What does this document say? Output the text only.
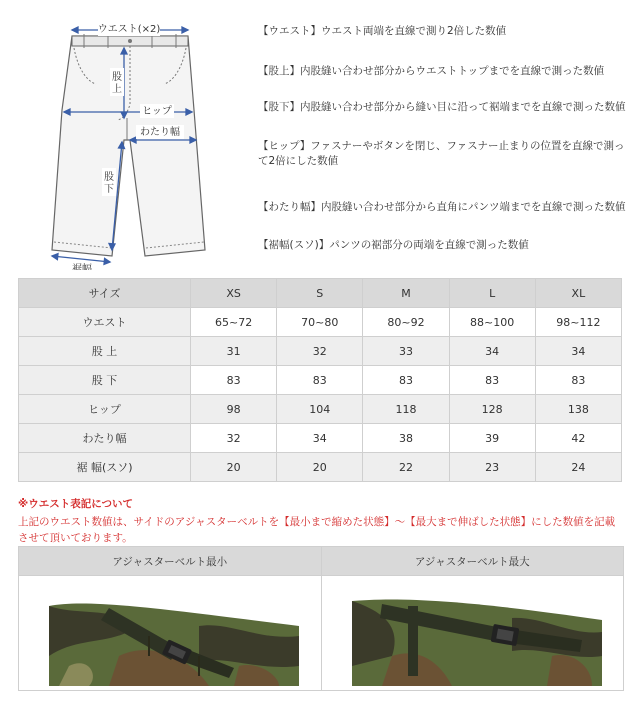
ウエスト(×2)
ヒップ
わたり幅
裾幅
股
上
股
下

【ウエスト】ウエスト両端を直線で測り2倍した数値

【股上】内股縫い合わせ部分からウエストトップまでを直線で測った数値

【股下】内股縫い合わせ部分から縫い目に沿って裾端までを直線で測った数値

【ヒップ】ファスナーやボタンを閉じ、ファスナー止まりの位置を直線で測って2倍にした数値

【わたり幅】内股縫い合わせ部分から直角にパンツ端までを直線で測った数値

【裾幅(スソ)】パンツの裾部分の両端を直線で測った数値

サイズ	XS	S	M	L	XL
ウエスト	65~72	70~80	80~92	88~100	98~112
股 上	31	32	33	34	34
股 下	83	83	83	83	83
ヒップ	98	104	118	128	138
わたり幅	32	34	38	39	42
裾 幅(スソ)	20	20	22	23	24
※ウエスト表記について
上記のウエスト数値は、サイドのアジャスターベルトを【最小まで縮めた状態】～【最大まで伸ばした状態】にした数値を記載させて頂いております。
アジャスターベルト最小	アジャスターベルト最大
